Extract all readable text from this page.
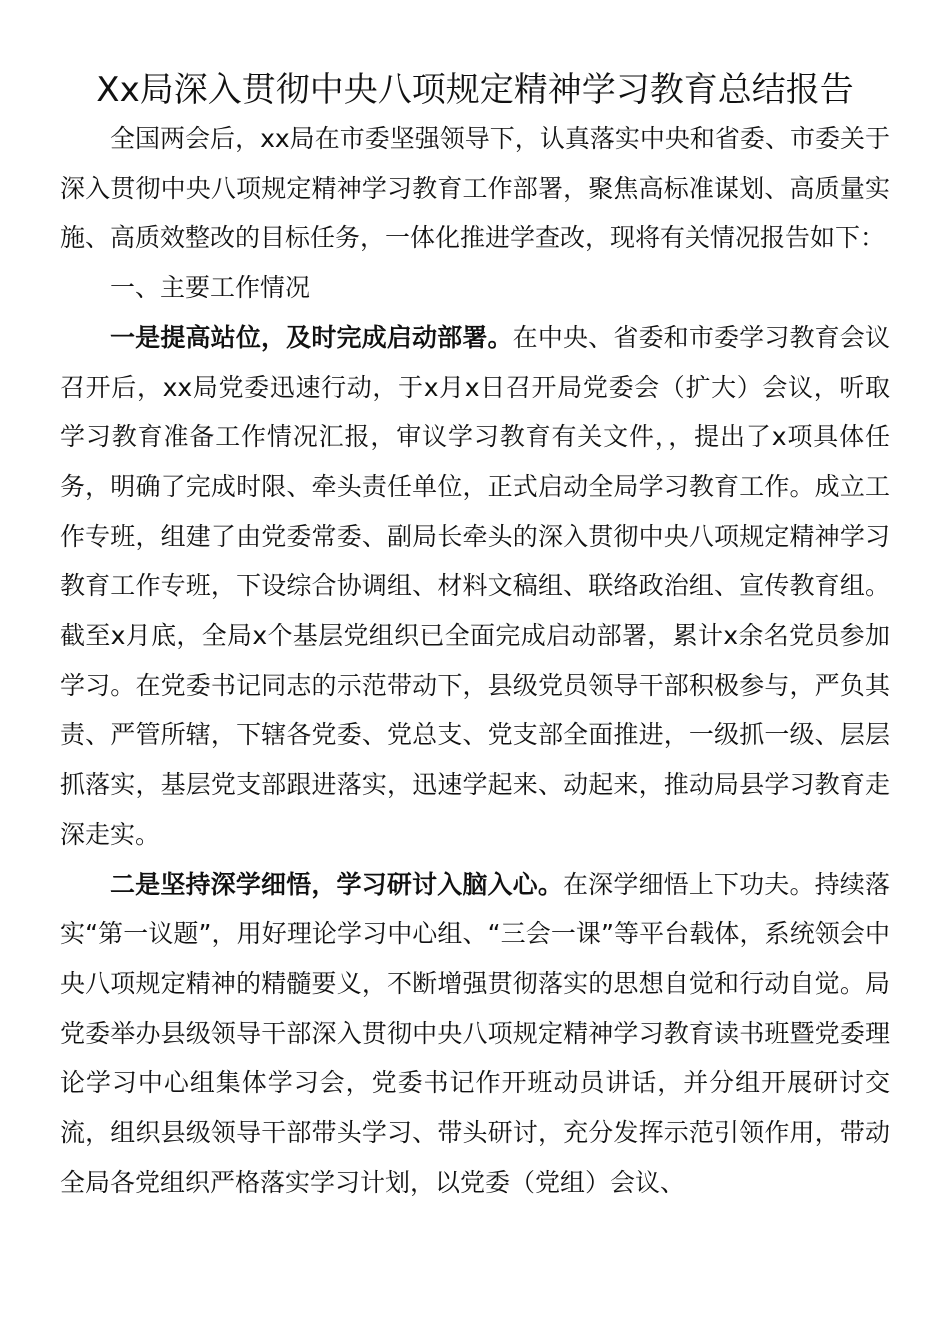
Xx局深入贯彻中央八项规定精神学习教育总结报告

全国两会后，xx局在市委坚强领导下，认真落实中央和省委、市委关于深入贯彻中央八项规定精神学习教育工作部署，聚焦高标准谋划、高质量实施、高质效整改的目标任务，一体化推进学查改，现将有关情况报告如下：

一、主要工作情况

一是提高站位，及时完成启动部署。在中央、省委和市委学习教育会议召开后，xx局党委迅速行动，于x月x日召开局党委会（扩大）会议，听取学习教育准备工作情况汇报，审议学习教育有关文件，，提出了x项具体任务，明确了完成时限、牵头责任单位，正式启动全局学习教育工作。成立工作专班，组建了由党委常委、副局长牵头的深入贯彻中央八项规定精神学习教育工作专班，下设综合协调组、材料文稿组、联络政治组、宣传教育组。截至x月底，全局x个基层党组织已全面完成启动部署，累计x余名党员参加学习。在党委书记同志的示范带动下，县级党员领导干部积极参与，严负其责、严管所辖，下辖各党委、党总支、党支部全面推进，一级抓一级、层层抓落实，基层党支部跟进落实，迅速学起来、动起来，推动局县学习教育走深走实。

二是坚持深学细悟，学习研讨入脑入心。在深学细悟上下功夫。持续落实“第一议题”，用好理论学习中心组、“三会一课”等平台载体，系统领会中央八项规定精神的精髓要义，不断增强贯彻落实的思想自觉和行动自觉。局党委举办县级领导干部深入贯彻中央八项规定精神学习教育读书班暨党委理论学习中心组集体学习会，党委书记作开班动员讲话，并分组开展研讨交流，组织县级领导干部带头学习、带头研讨，充分发挥示范引领作用，带动全局各党组织严格落实学习计划，以党委（党组）会议、
